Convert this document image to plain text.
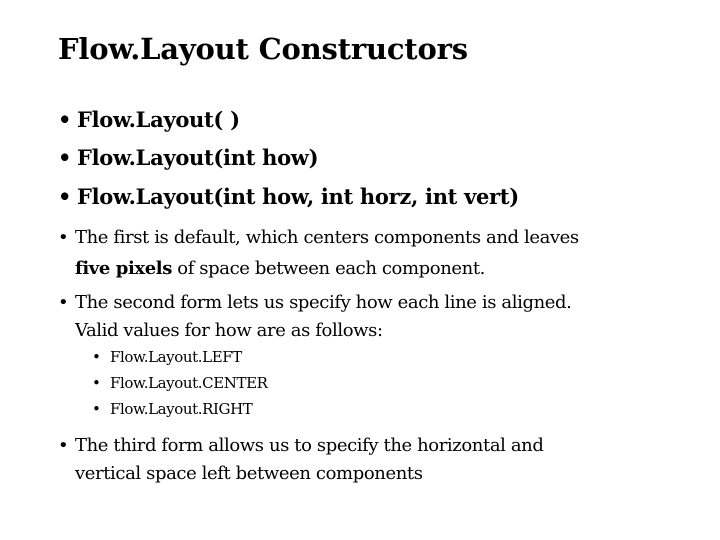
Flow.Layout Constructors
• Flow.Layout( )
• Flow.Layout(int how)
• Flow.Layout(int how, int horz, int vert)
• The first is default, which centers components and leaves
five pixels of space between each component.
• The second form lets us specify how each line is aligned.
Valid values for how are as follows:
• Flow.Layout.LEFT
• Flow.Layout.CENTER
• Flow.Layout.RIGHT
• The third form allows us to specify the horizontal and
vertical space left between components
